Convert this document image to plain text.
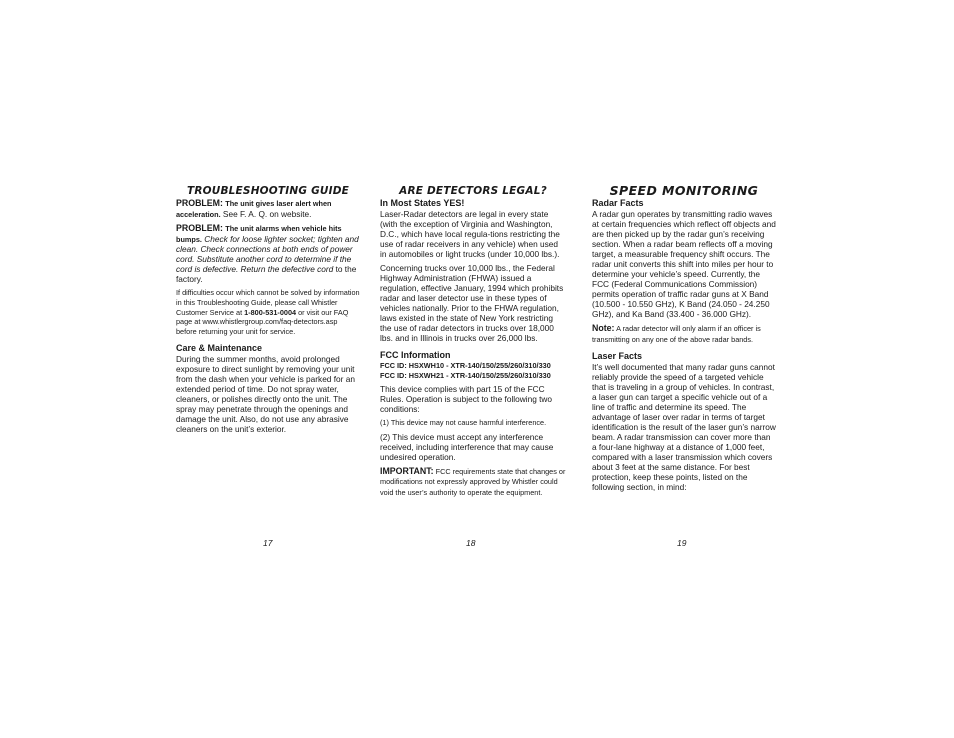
TROUBLESHOOTING GUIDE

PROBLEM: The unit gives laser alert when acceleration. See F. A. Q. on website.

PROBLEM: The unit alarms when vehicle hits bumps. Check for loose lighter socket; tighten and clean. Check connections at both ends of power cord. Substitute another cord to determine if the cord is defective. Return the defective cord to the factory.

If difficulties occur which cannot be solved by information in this Troubleshooting Guide, please call Whistler Customer Service at 1-800-531-0004 or visit our FAQ page at www.whistlergroup.com/faq-detectors.asp before returning your unit for service.

Care & Maintenance

During the summer months, avoid prolonged exposure to direct sunlight by removing your unit from the dash when your vehicle is parked for an extended period of time. Do not spray water, cleaners, or polishes directly onto the unit. The spray may penetrate through the openings and damage the unit. Also, do not use any abrasive cleaners on the unit’s exterior.

ARE DETECTORS LEGAL?
In Most States YES!

Laser-Radar detectors are legal in every state (with the exception of Virginia and Washington, D.C., which have local regula-tions restricting the use of radar receivers in any vehicle) when used in automobiles or light trucks (under 10,000 lbs.).

Concerning trucks over 10,000 lbs., the Federal Highway Administration (FHWA) issued a regulation, effective January, 1994 which prohibits radar and laser detector use in these types of vehicles nationally. Prior to the FHWA regulation, laws existed in the state of New York restricting the use of radar detectors in trucks over 18,000 lbs. and in Illinois in trucks over 26,000 lbs.

FCC Information
FCC ID: HSXWH10 - XTR-140/150/255/260/310/330

FCC ID: HSXWH21 - XTR-140/150/255/260/310/330

This device complies with part 15 of the FCC Rules. Operation is subject to the following two conditions:

(1) This device may not cause harmful interference.

(2) This device must accept any interference received, including interference that may cause undesired operation.

IMPORTANT: FCC requirements state that changes or modifications not expressly approved by Whistler could void the user’s authority to operate the equipment.

SPEED MONITORING
Radar Facts

A radar gun operates by transmitting radio waves at certain frequencies which reflect off objects and are then picked up by the radar gun’s receiving section. When a radar beam reflects off a moving target, a measurable frequency shift occurs. The radar unit converts this shift into miles per hour to determine your vehicle’s speed. Currently, the FCC (Federal Communications Commission) permits operation of traffic radar guns at X Band (10.500 - 10.550 GHz), K Band (24.050 - 24.250 GHz), and Ka Band (33.400 - 36.000 GHz).

Note: A radar detector will only alarm if an officer is transmitting on any one of the above radar bands.

Laser Facts

It’s well documented that many radar guns cannot reliably provide the speed of a targeted vehicle that is traveling in a group of vehicles. In contrast, a laser gun can target a specific vehicle out of a line of traffic and determine its speed. The advantage of laser over radar in terms of target identification is the result of the laser gun’s narrow beam. A radar transmission can cover more than a four-lane highway at a distance of 1,000 feet, compared with a laser transmission which covers about 3 feet at the same distance. For best protection, keep these points, listed on the following section, in mind:

17	18	19
